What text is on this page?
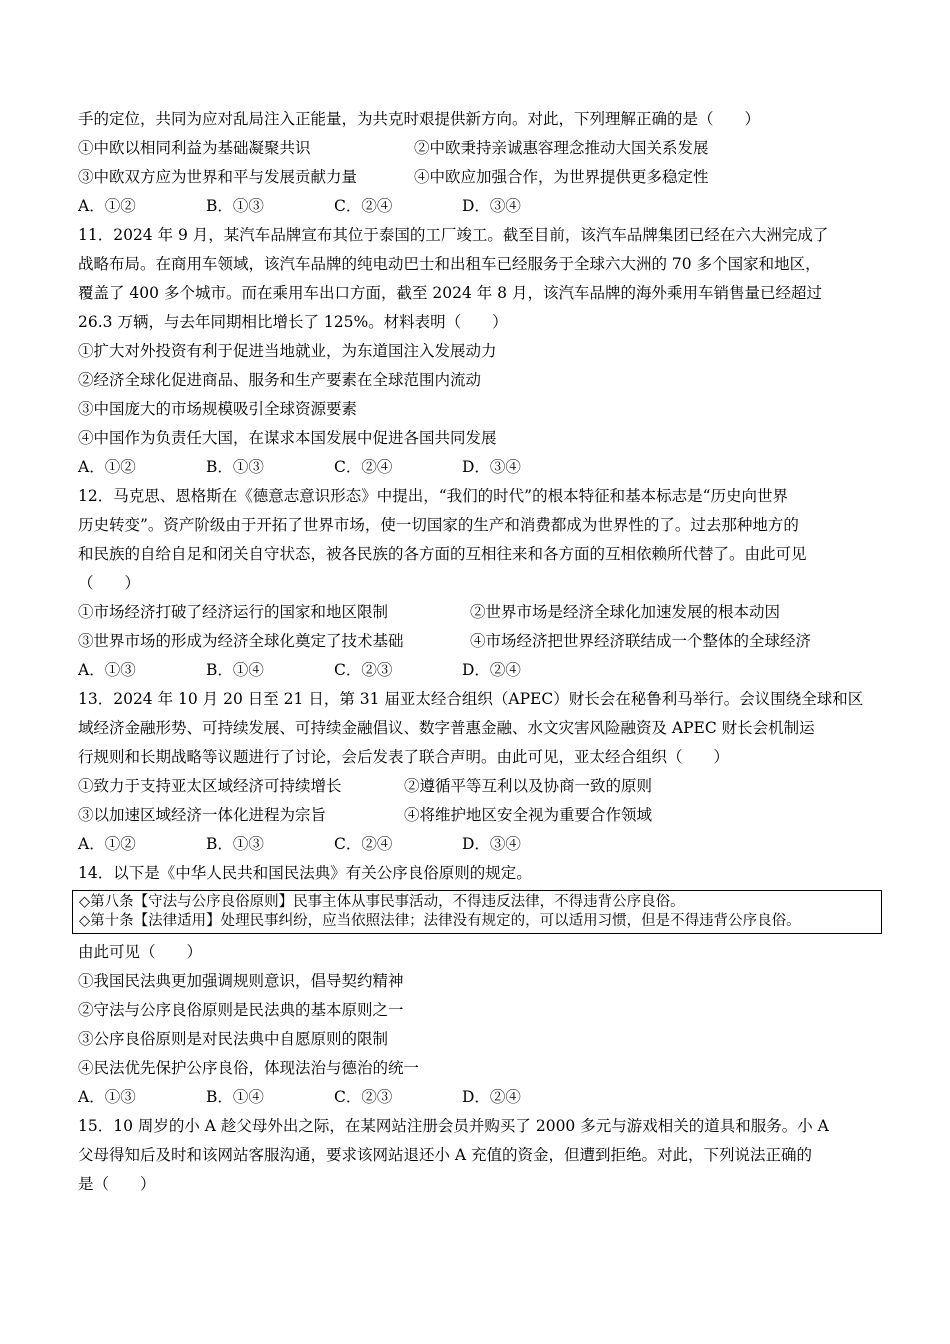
手的定位，共同为应对乱局注入正能量，为共克时艰提供新方向。对此，下列理解正确的是（　　）
①中欧以相同利益为基础凝聚共识	②中欧秉持亲诚惠容理念推动大国关系发展
③中欧双方应为世界和平与发展贡献力量	④中欧应加强合作，为世界提供更多稳定性
A．①②	B．①③	C．②④	D．③④
11．2024 年 9 月，某汽车品牌宣布其位于泰国的工厂竣工。截至目前，该汽车品牌集团已经在六大洲完成了
战略布局。在商用车领域，该汽车品牌的纯电动巴士和出租车已经服务于全球六大洲的 70 多个国家和地区，
覆盖了 400 多个城市。而在乘用车出口方面，截至 2024 年 8 月，该汽车品牌的海外乘用车销售量已经超过
26.3 万辆，与去年同期相比增长了 125%。材料表明（　　）
①扩大对外投资有利于促进当地就业，为东道国注入发展动力
②经济全球化促进商品、服务和生产要素在全球范围内流动
③中国庞大的市场规模吸引全球资源要素
④中国作为负责任大国，在谋求本国发展中促进各国共同发展
A．①②	B．①③	C．②④	D．③④
12．马克思、恩格斯在《德意志意识形态》中提出，“我们的时代”的根本特征和基本标志是“历史向世界
历史转变”。资产阶级由于开拓了世界市场，使一切国家的生产和消费都成为世界性的了。过去那种地方的
和民族的自给自足和闭关自守状态，被各民族的各方面的互相往来和各方面的互相依赖所代替了。由此可见
（　　）
①市场经济打破了经济运行的国家和地区限制	②世界市场是经济全球化加速发展的根本动因
③世界市场的形成为经济全球化奠定了技术基础	④市场经济把世界经济联结成一个整体的全球经济
A．①③	B．①④	C．②③	D．②④
13．2024 年 10 月 20 日至 21 日，第 31 届亚太经合组织（APEC）财长会在秘鲁利马举行。会议围绕全球和区
域经济金融形势、可持续发展、可持续金融倡议、数字普惠金融、水文灾害风险融资及 APEC 财长会机制运
行规则和长期战略等议题进行了讨论，会后发表了联合声明。由此可见，亚太经合组织（　　）
①致力于支持亚太区域经济可持续增长	②遵循平等互利以及协商一致的原则
③以加速区域经济一体化进程为宗旨	④将维护地区安全视为重要合作领域
A．①②	B．①③	C．②④	D．③④
14．以下是《中华人民共和国民法典》有关公序良俗原则的规定。
◇第八条【守法与公序良俗原则】民事主体从事民事活动，不得违反法律，不得违背公序良俗。
◇第十条【法律适用】处理民事纠纷，应当依照法律；法律没有规定的，可以适用习惯，但是不得违背公序良俗。
由此可见（　　）
①我国民法典更加强调规则意识，倡导契约精神
②守法与公序良俗原则是民法典的基本原则之一
③公序良俗原则是对民法典中自愿原则的限制
④民法优先保护公序良俗，体现法治与德治的统一
A．①③	B．①④	C．②③	D．②④
15．10 周岁的小 A 趁父母外出之际，在某网站注册会员并购买了 2000 多元与游戏相关的道具和服务。小 A
父母得知后及时和该网站客服沟通，要求该网站退还小 A 充值的资金，但遭到拒绝。对此，下列说法正确的
是（　　）
